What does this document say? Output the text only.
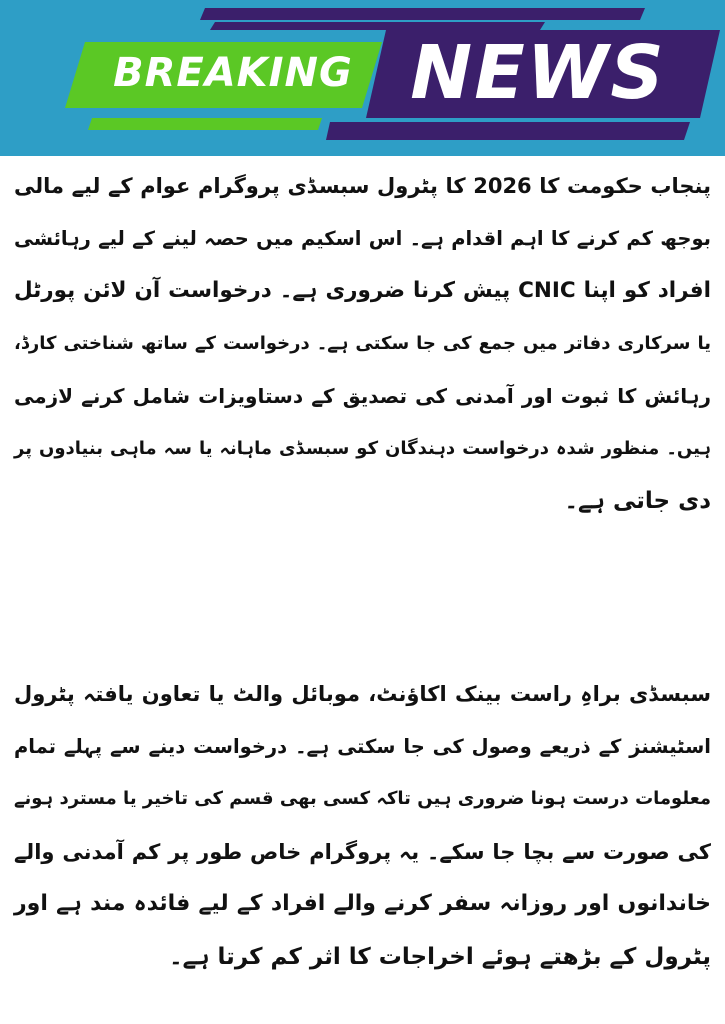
BREAKING NEWS
پنجاب حکومت کا 2026 کا پٹرول سبسڈی پروگرام عوام کے لیے مالی
بوجھ کم کرنے کا اہم اقدام ہے۔ اس اسکیم میں حصہ لینے کے لیے رہائشی
افراد کو اپنا CNIC پیش کرنا ضروری ہے۔ درخواست آن لائن پورٹل
یا سرکاری دفاتر میں جمع کی جا سکتی ہے۔ درخواست کے ساتھ شناختی کارڈ،
رہائش کا ثبوت اور آمدنی کی تصدیق کے دستاویزات شامل کرنے لازمی
ہیں۔ منظور شدہ درخواست دہندگان کو سبسڈی ماہانہ یا سہ ماہی بنیادوں پر
دی جاتی ہے۔
سبسڈی براہِ راست بینک اکاؤنٹ، موبائل والٹ یا تعاون یافتہ پٹرول
اسٹیشنز کے ذریعے وصول کی جا سکتی ہے۔ درخواست دینے سے پہلے تمام
معلومات درست ہونا ضروری ہیں تاکہ کسی بھی قسم کی تاخیر یا مسترد ہونے
کی صورت سے بچا جا سکے۔ یہ پروگرام خاص طور پر کم آمدنی والے
خاندانوں اور روزانہ سفر کرنے والے افراد کے لیے فائدہ مند ہے اور
پٹرول کے بڑھتے ہوئے اخراجات کا اثر کم کرتا ہے۔
